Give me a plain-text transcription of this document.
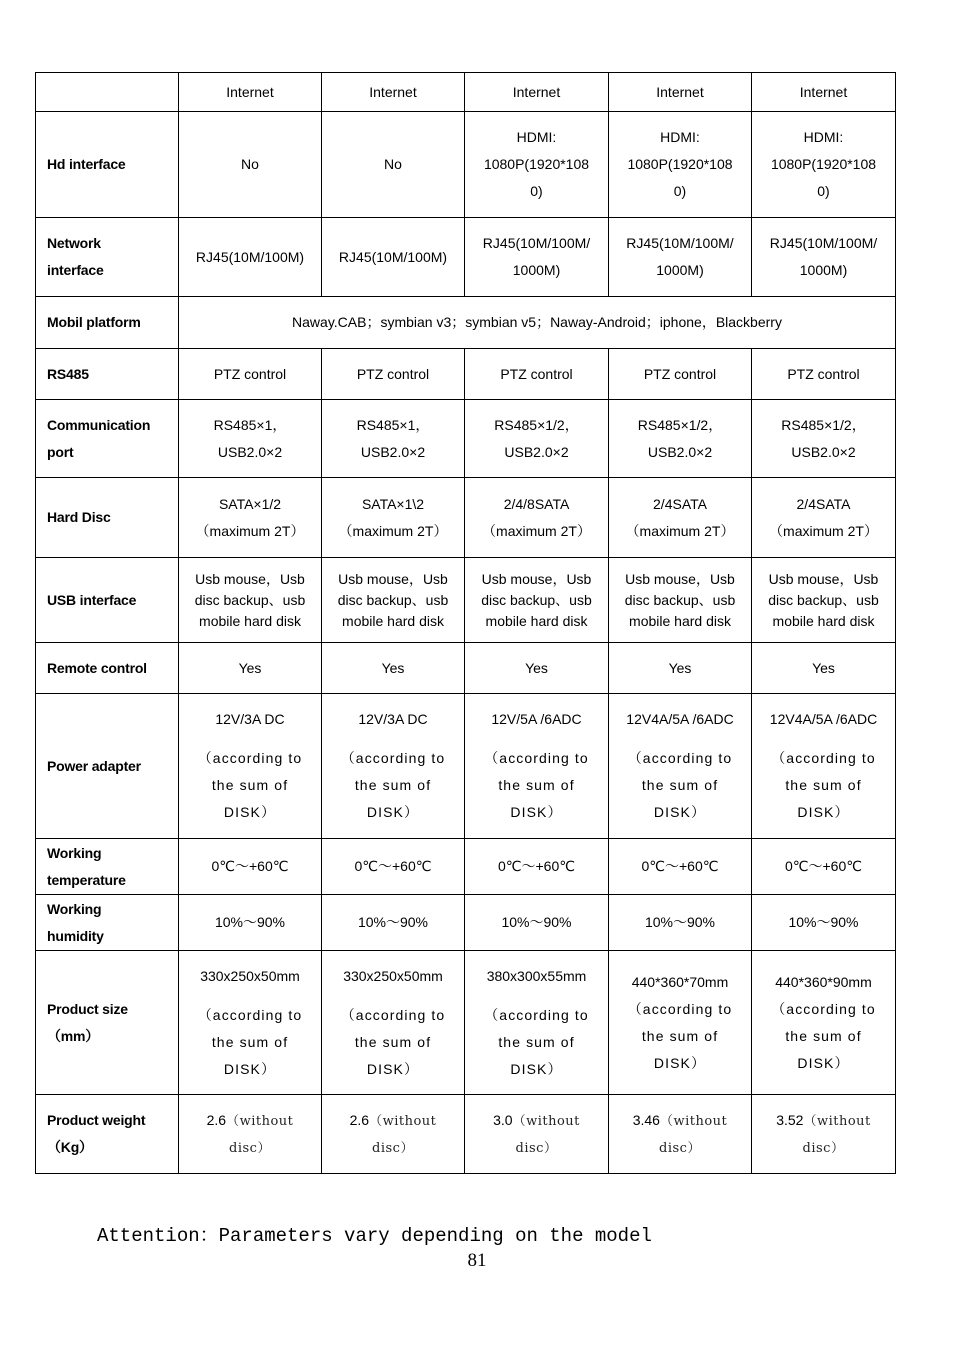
	Internet	Internet	Internet	Internet	Internet
Hd interface	No	No	HDMI:
1080P(1920*108
0)	HDMI:
1080P(1920*108
0)	HDMI:
1080P(1920*108
0)

Network
interface	RJ45(10M/100M)	RJ45(10M/100M)	RJ45(10M/100M/
1000M)	RJ45(10M/100M/
1000M)	RJ45(10M/100M/
1000M)

Mobil platform	Naway.CAB；symbian v3；symbian v5；Naway-Android；iphone，Blackberry				
RS485	PTZ control	PTZ control	PTZ control	PTZ control	PTZ control

Communication
port	RS485×1，
USB2.0×2	RS485×1，
USB2.0×2	RS485×1/2，
USB2.0×2	RS485×1/2，
USB2.0×2	RS485×1/2，
USB2.0×2

Hard Disc	SATA×1/2
（maximum 2T）	SATA×1\2
（maximum 2T）	2/4/8SATA
（maximum 2T）	2/4SATA
（maximum 2T）	2/4SATA
（maximum 2T）

USB interface	Usb mouse，Usb
disc backup、usb
mobile hard disk	Usb mouse，Usb
disc backup、usb
mobile hard disk	Usb mouse，Usb
disc backup、usb
mobile hard disk	Usb mouse，Usb
disc backup、usb
mobile hard disk	Usb mouse，Usb
disc backup、usb
mobile hard disk

Remote control	Yes	Yes	Yes	Yes	Yes
Power adapter	12V/3A DC
（according to
the sum of
DISK）	12V/3A DC
（according to
the sum of
DISK）	12V/5A /6ADC
（according to
the sum of
DISK）	12V4A/5A /6ADC
（according to
the sum of
DISK）	12V4A/5A /6ADC
（according to
the sum of
DISK）

Working
temperature	0℃～+60℃	0℃～+60℃	0℃～+60℃	0℃～+60℃	0℃～+60℃

Working
humidity	10%～90%	10%～90%	10%～90%	10%～90%	10%～90%

Product size
（mm）	330x250x50mm
（according to
the sum of
DISK）	330x250x50mm
（according to
the sum of
DISK）	380x300x55mm
（according to
the sum of
DISK）	440*360*70mm
（according to
the sum of
DISK）	440*360*90mm
（according to
the sum of
DISK）

Product weight
（Kg）	2.6（without
disc）	2.6（without
disc）	3.0（without
disc）	3.46（without
disc）	3.52（without
disc）
Attention：Parameters vary depending on the model
81
